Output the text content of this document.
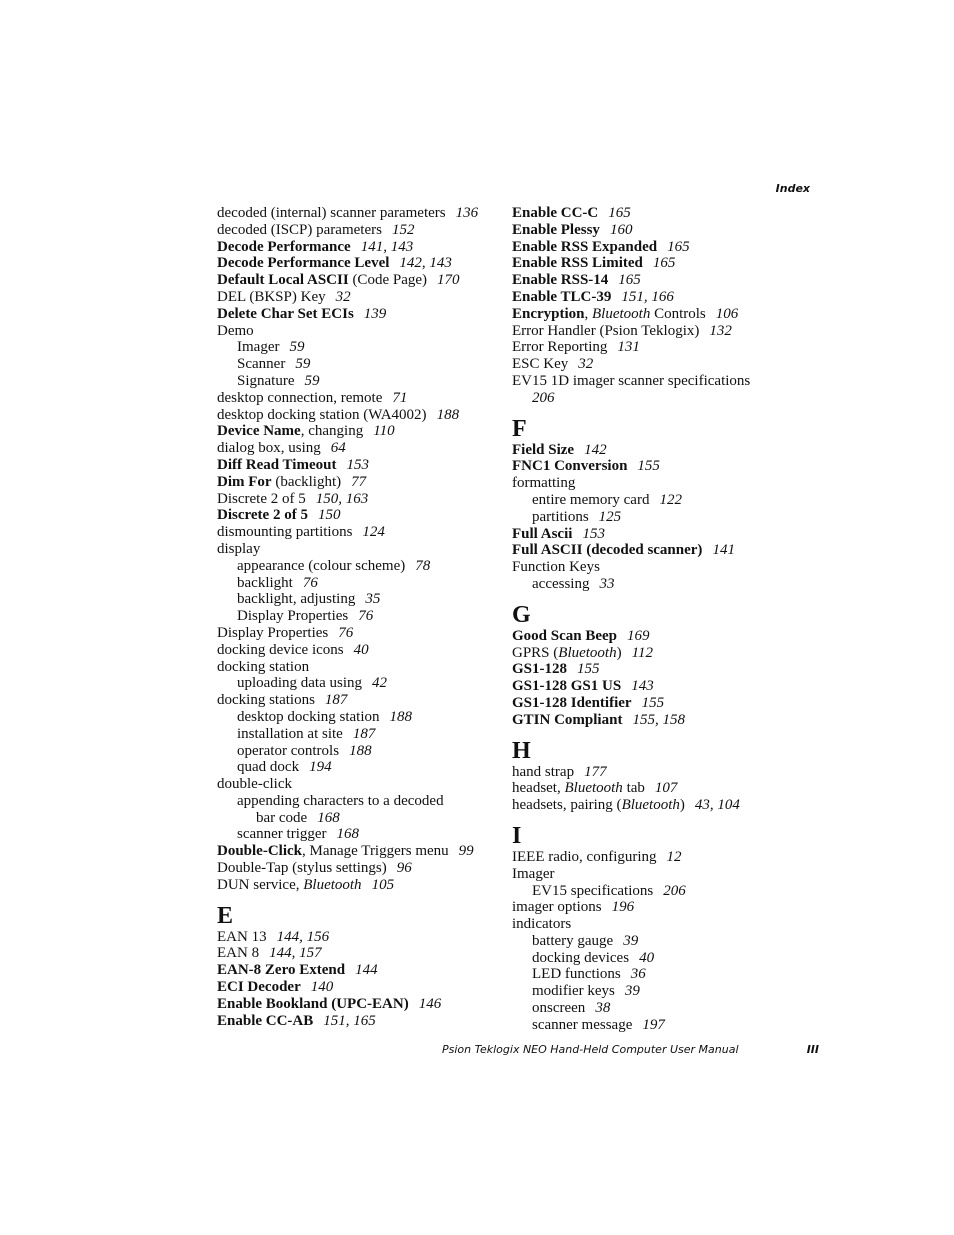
Index
decoded (internal) scanner parameters 136
decoded (ISCP) parameters 152
Decode Performance 141, 143
Decode Performance Level 142, 143
Default Local ASCII (Code Page) 170
DEL (BKSP) Key 32
Delete Char Set ECIs 139
Demo
Imager 59
Scanner 59
Signature 59
desktop connection, remote 71
desktop docking station (WA4002) 188
Device Name, changing 110
dialog box, using 64
Diff Read Timeout 153
Dim For (backlight) 77
Discrete 2 of 5 150, 163
Discrete 2 of 5 150
dismounting partitions 124
display
appearance (colour scheme) 78
backlight 76
backlight, adjusting 35
Display Properties 76
Display Properties 76
docking device icons 40
docking station
uploading data using 42
docking stations 187
desktop docking station 188
installation at site 187
operator controls 188
quad dock 194
double-click
appending characters to a decoded
bar code 168
scanner trigger 168
Double-Click, Manage Triggers menu 99
Double-Tap (stylus settings) 96
DUN service, Bluetooth 105
E
EAN 13 144, 156
EAN 8 144, 157
EAN-8 Zero Extend 144
ECI Decoder 140
Enable Bookland (UPC-EAN) 146
Enable CC-AB 151, 165
Enable CC-C 165
Enable Plessy 160
Enable RSS Expanded 165
Enable RSS Limited 165
Enable RSS-14 165
Enable TLC-39 151, 166
Encryption, Bluetooth Controls 106
Error Handler (Psion Teklogix) 132
Error Reporting 131
ESC Key 32
EV15 1D imager scanner specifications
206
F
Field Size 142
FNC1 Conversion 155
formatting
entire memory card 122
partitions 125
Full Ascii 153
Full ASCII (decoded scanner) 141
Function Keys
accessing 33
G
Good Scan Beep 169
GPRS (Bluetooth) 112
GS1-128 155
GS1-128 GS1 US 143
GS1-128 Identifier 155
GTIN Compliant 155, 158
H
hand strap 177
headset, Bluetooth tab 107
headsets, pairing (Bluetooth) 43, 104
I
IEEE radio, configuring 12
Imager
EV15 specifications 206
imager options 196
indicators
battery gauge 39
docking devices 40
LED functions 36
modifier keys 39
onscreen 38
scanner message 197
Psion Teklogix NEO Hand-Held Computer User Manual	III
